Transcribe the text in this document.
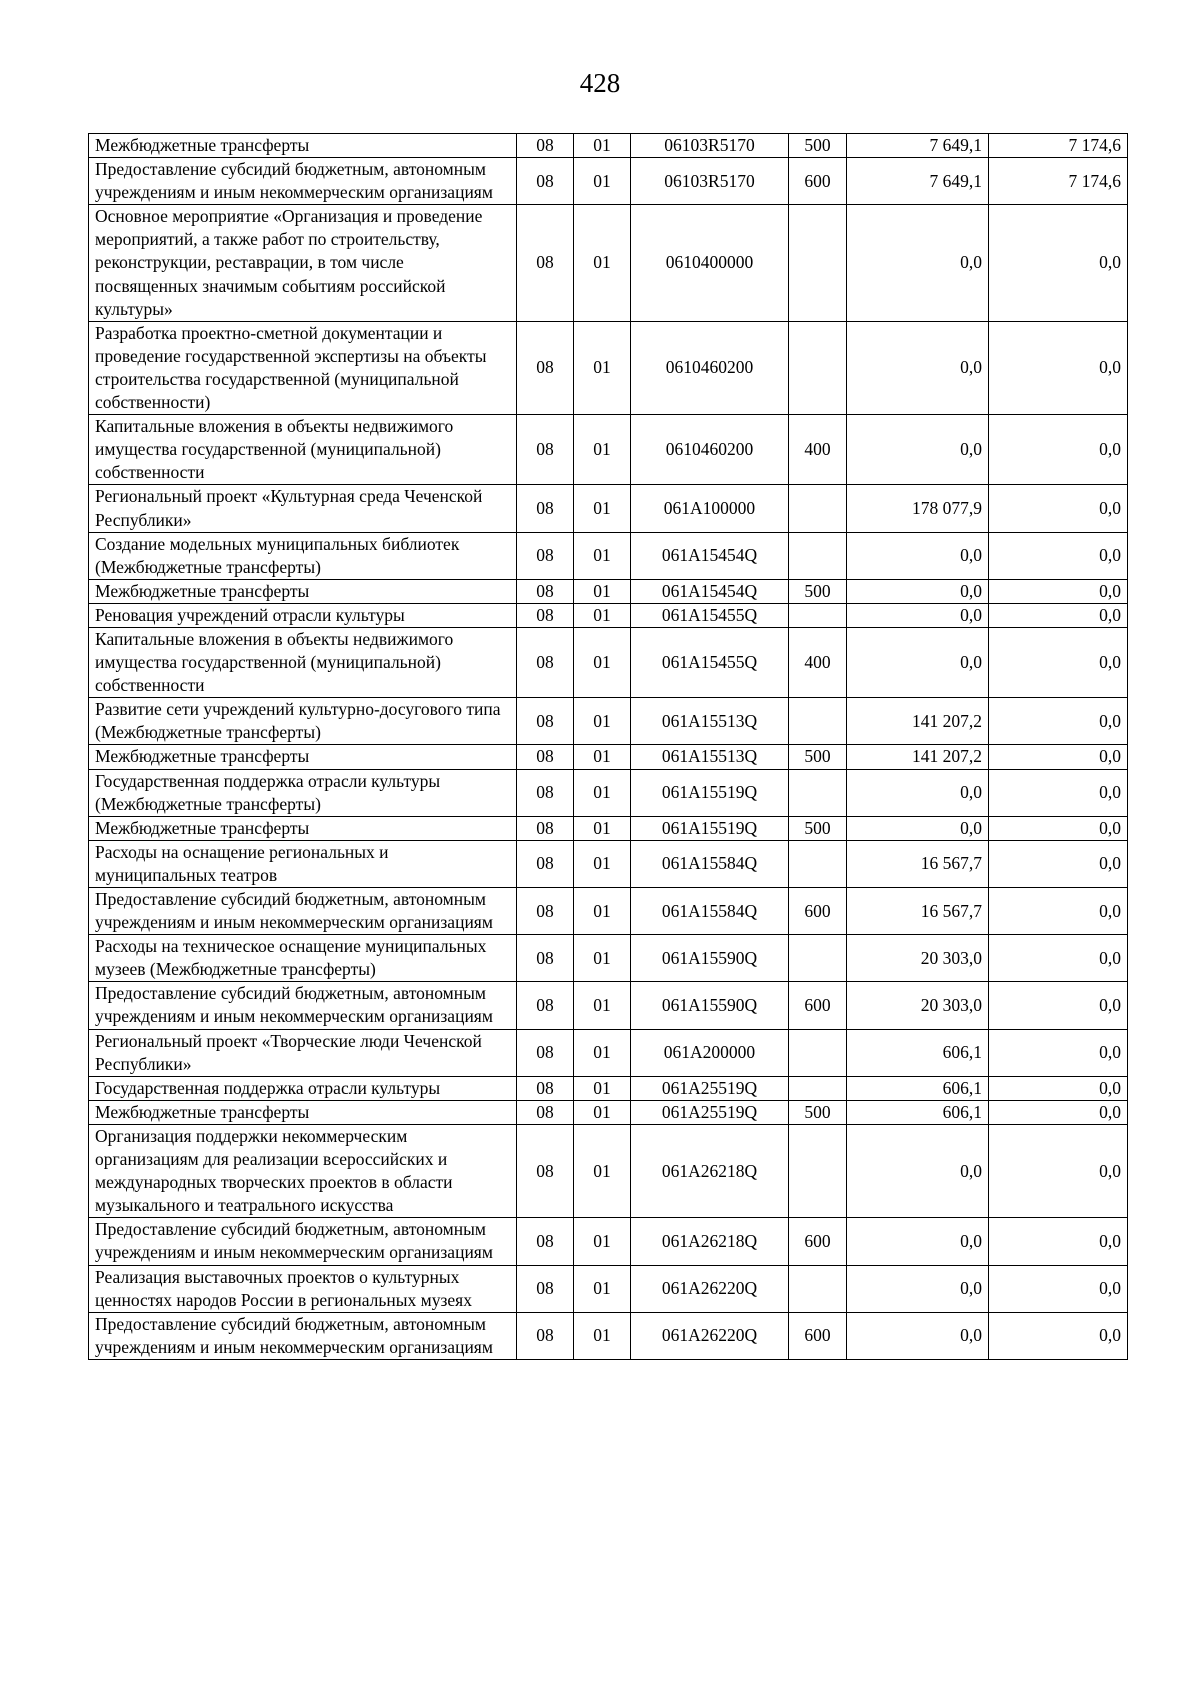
428
Межбюджетные трансферты	08	01	06103R5170	500	7 649,1	7 174,6
Предоставление субсидий бюджетным, автономным учреждениям и иным некоммерческим организациям	08	01	06103R5170	600	7 649,1	7 174,6
Основное мероприятие «Организация и проведение мероприятий, а также работ по строительству, реконструкции, реставрации, в том числе посвященных значимым событиям российской культуры»	08	01	0610400000		0,0	0,0
Разработка проектно-сметной документации и проведение государственной экспертизы на объекты строительства государственной (муниципальной собственности)	08	01	0610460200		0,0	0,0
Капитальные вложения в объекты недвижимого имущества государственной (муниципальной) собственности	08	01	0610460200	400	0,0	0,0
Региональный проект «Культурная среда Чеченской Республики»	08	01	061A100000		178 077,9	0,0
Создание модельных муниципальных библиотек (Межбюджетные трансферты)	08	01	061A15454Q		0,0	0,0
Межбюджетные трансферты	08	01	061A15454Q	500	0,0	0,0
Реновация учреждений отрасли культуры	08	01	061A15455Q		0,0	0,0
Капитальные вложения в объекты недвижимого имущества государственной (муниципальной) собственности	08	01	061A15455Q	400	0,0	0,0
Развитие сети учреждений культурно-досугового типа (Межбюджетные трансферты)	08	01	061A15513Q		141 207,2	0,0
Межбюджетные трансферты	08	01	061A15513Q	500	141 207,2	0,0
Государственная поддержка отрасли культуры (Межбюджетные трансферты)	08	01	061A15519Q		0,0	0,0
Межбюджетные трансферты	08	01	061A15519Q	500	0,0	0,0
Расходы на оснащение региональных и муниципальных театров	08	01	061A15584Q		16 567,7	0,0
Предоставление субсидий бюджетным, автономным учреждениям и иным некоммерческим организациям	08	01	061A15584Q	600	16 567,7	0,0
Расходы на техническое оснащение муниципальных музеев (Межбюджетные трансферты)	08	01	061A15590Q		20 303,0	0,0
Предоставление субсидий бюджетным, автономным учреждениям и иным некоммерческим организациям	08	01	061A15590Q	600	20 303,0	0,0
Региональный проект «Творческие люди Чеченской Республики»	08	01	061A200000		606,1	0,0
Государственная поддержка отрасли культуры	08	01	061A25519Q		606,1	0,0
Межбюджетные трансферты	08	01	061A25519Q	500	606,1	0,0
Организация поддержки некоммерческим организациям для реализации всероссийских и международных творческих проектов в области музыкального и театрального искусства	08	01	061A26218Q		0,0	0,0
Предоставление субсидий бюджетным, автономным учреждениям и иным некоммерческим организациям	08	01	061A26218Q	600	0,0	0,0
Реализация выставочных проектов о культурных ценностях народов России в региональных музеях	08	01	061A26220Q		0,0	0,0
Предоставление субсидий бюджетным, автономным учреждениям и иным некоммерческим организациям	08	01	061A26220Q	600	0,0	0,0
